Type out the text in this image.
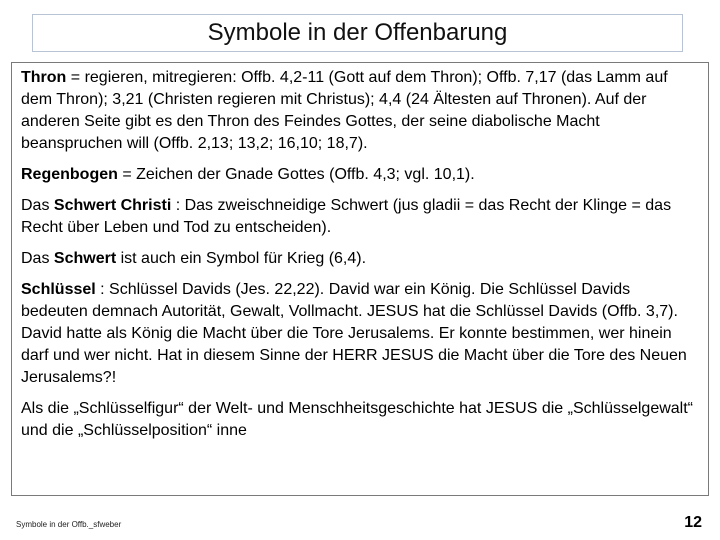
Symbole in der Offenbarung

Thron = regieren, mitregieren: Offb. 4,2-11 (Gott auf dem Thron); Offb. 7,17 (das Lamm auf dem Thron); 3,21 (Christen regieren mit Christus); 4,4 (24 Ältesten auf Thronen). Auf der anderen Seite gibt es den Thron des Feindes Gottes, der seine diabolische Macht beanspruchen will (Offb. 2,13; 13,2; 16,10; 18,7).

Regenbogen = Zeichen der Gnade Gottes (Offb. 4,3; vgl. 10,1).

Das Schwert Christi : Das zweischneidige Schwert (jus gladii = das Recht der Klinge = das Recht über Leben und Tod zu entscheiden).

Das Schwert ist auch ein Symbol für Krieg (6,4).

Schlüssel : Schlüssel Davids (Jes. 22,22). David war ein König. Die Schlüssel Davids bedeuten demnach Autorität, Gewalt, Vollmacht. JESUS hat die Schlüssel Davids (Offb. 3,7). David hatte als König die Macht über die Tore Jerusalems. Er konnte bestimmen, wer hinein darf und wer nicht. Hat in diesem Sinne der HERR JESUS die Macht über die Tore des Neuen Jerusalems?!

Als die „Schlüsselfigur“ der Welt- und Menschheitsgeschichte hat JESUS die „Schlüsselgewalt“ und die „Schlüsselposition“ inne

Symbole in der Offb._sfweber	12
